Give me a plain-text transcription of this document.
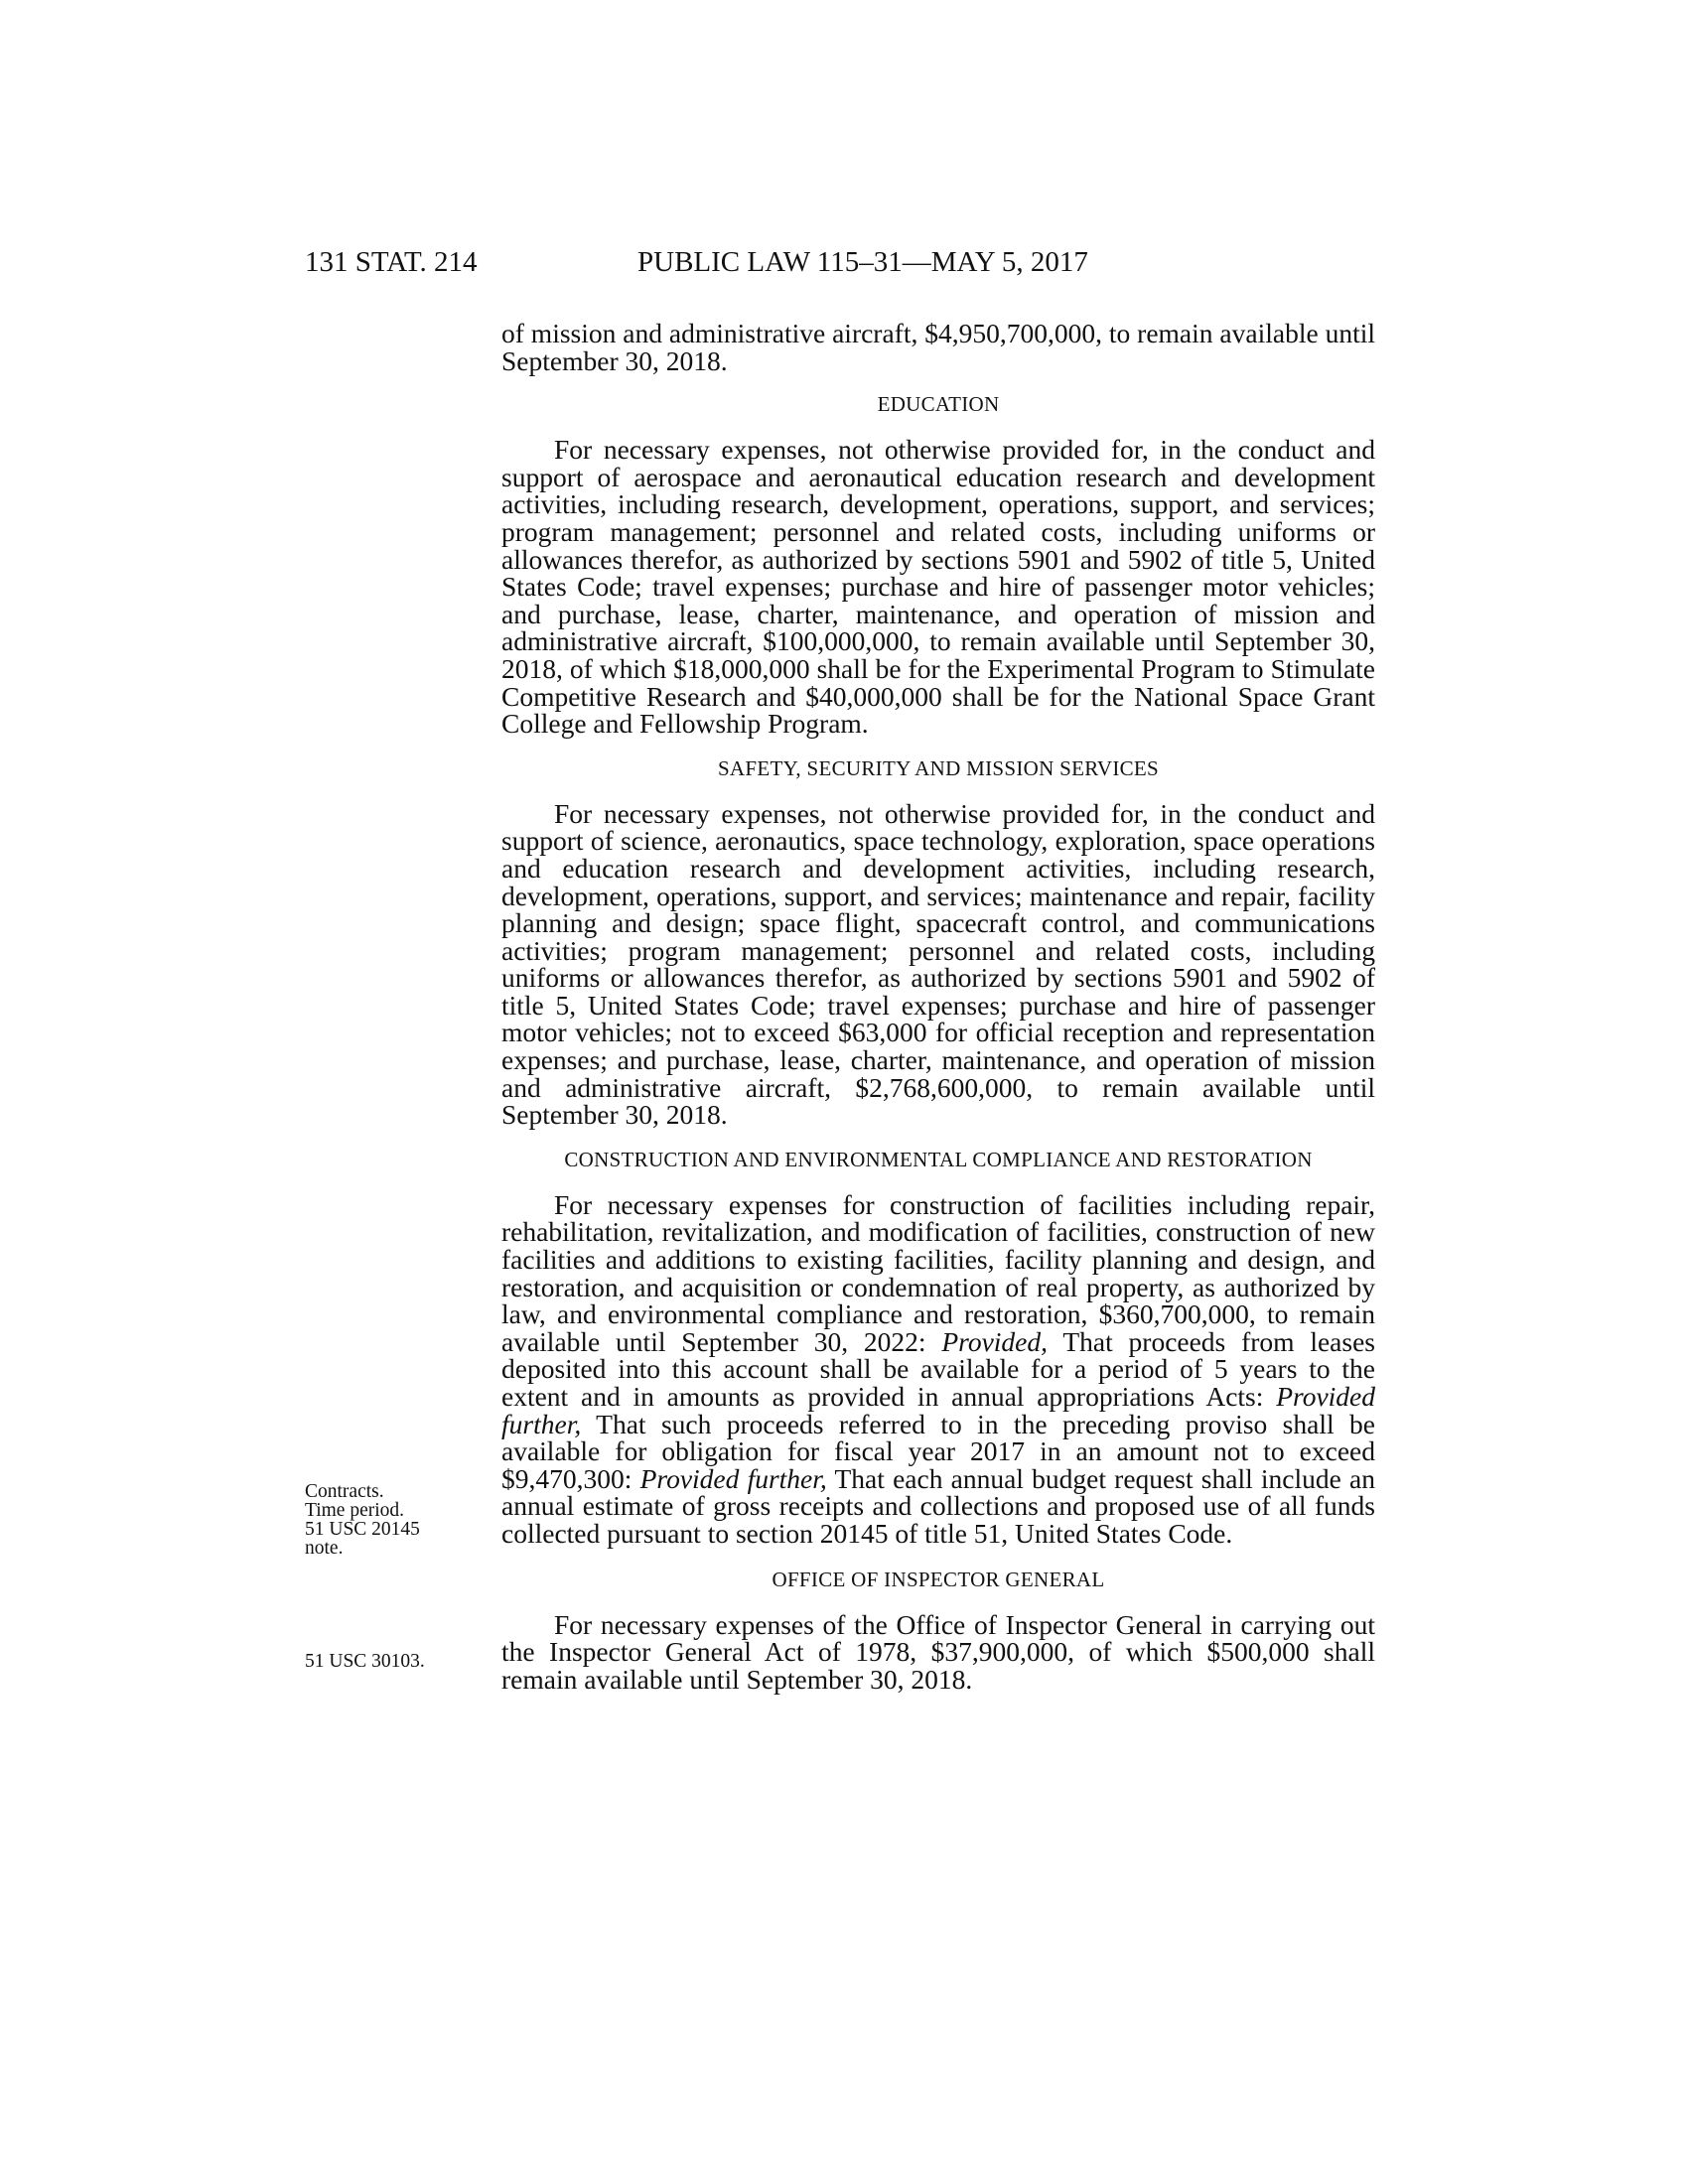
131 STAT. 214	PUBLIC LAW 115–31—MAY 5, 2017

of mission and administrative aircraft, $4,950,700,000, to remain available until September 30, 2018.

EDUCATION

For necessary expenses, not otherwise provided for, in the conduct and support of aerospace and aeronautical education research and development activities, including research, development, operations, support, and services; program management; personnel and related costs, including uniforms or allowances therefor, as authorized by sections 5901 and 5902 of title 5, United States Code; travel expenses; purchase and hire of passenger motor vehicles; and purchase, lease, charter, maintenance, and operation of mission and administrative aircraft, $100,000,000, to remain available until September 30, 2018, of which $18,000,000 shall be for the Experimental Program to Stimulate Competitive Research and $40,000,000 shall be for the National Space Grant College and Fellowship Program.

SAFETY, SECURITY AND MISSION SERVICES

For necessary expenses, not otherwise provided for, in the conduct and support of science, aeronautics, space technology, exploration, space operations and education research and development activities, including research, development, operations, support, and services; maintenance and repair, facility planning and design; space flight, spacecraft control, and communications activities; program management; personnel and related costs, including uniforms or allowances therefor, as authorized by sections 5901 and 5902 of title 5, United States Code; travel expenses; purchase and hire of passenger motor vehicles; not to exceed $63,000 for official reception and representation expenses; and purchase, lease, charter, maintenance, and operation of mission and administrative aircraft, $2,768,600,000, to remain available until September 30, 2018.

CONSTRUCTION AND ENVIRONMENTAL COMPLIANCE AND RESTORATION

For necessary expenses for construction of facilities including repair, rehabilitation, revitalization, and modification of facilities, construction of new facilities and additions to existing facilities, facility planning and design, and restoration, and acquisition or condemnation of real property, as authorized by law, and environmental compliance and restoration, $360,700,000, to remain available until September 30, 2022: Provided, That proceeds from leases deposited into this account shall be available for a period of 5 years to the extent and in amounts as provided in annual appropriations Acts: Provided further, That such proceeds referred to in the preceding proviso shall be available for obligation for fiscal year 2017 in an amount not to exceed $9,470,300: Provided further, That each annual budget request shall include an annual estimate of gross receipts and collections and proposed use of all funds collected pursuant to section 20145 of title 51, United States Code.

OFFICE OF INSPECTOR GENERAL

For necessary expenses of the Office of Inspector General in carrying out the Inspector General Act of 1978, $37,900,000, of which $500,000 shall remain available until September 30, 2018.

Contracts.
Time period.
51 USC 20145
note.
51 USC 30103.
